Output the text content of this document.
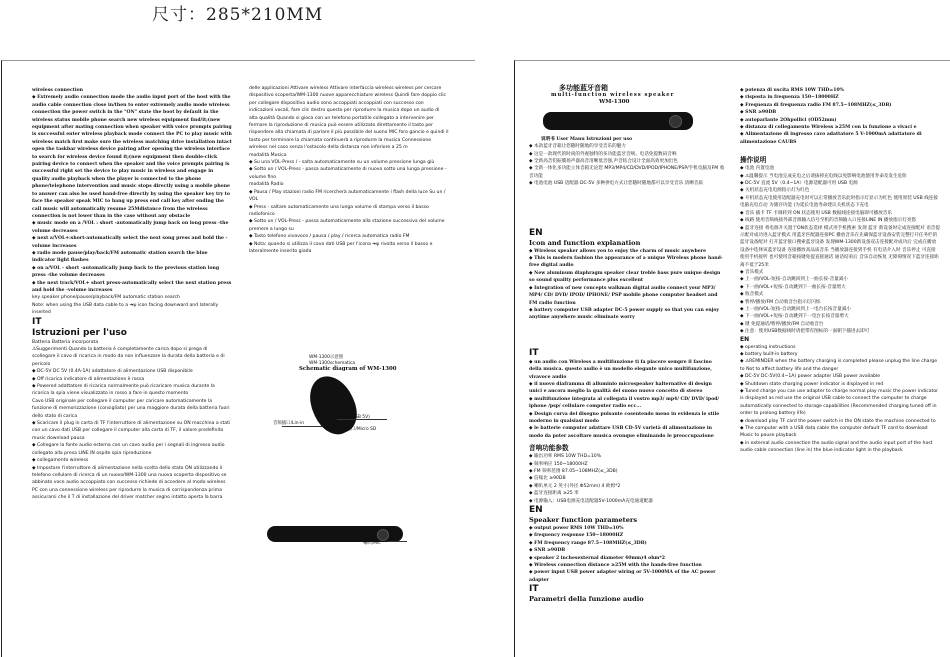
尺寸：285*210MM

wireless connection

◆ Extremely audio connection mode the audio input port of the host with the audio cable connection close in/then to enter extremely audio mode wireless connection the power switch in the "ON" state the boot by default in the wireless status mobile phone search new wireless equipment find/it;(new equipment after mating connection when speaker with voice prompts pairing is successful enter wireless playback mode connect the PC to play music with wireless match first make sure the wireless matching drive installation intact open the taskbar wireless device pairing after opening the wireless interface to search for wireless device found it;(new equipment then double-click pairing device to connect when the speaker and the voice prompts pairing is successful right set the device to play music in wireless and engage in quality audio playback when the player is connected to the phone phone/telephone intervention and music stops directly using a mobile phone to answer can also be used hand-free directly by using the speaker key try to face the speaker speak MIC to hang up press end call key after ending the call music will automatically resume 25Mdistance from the wireless connection is not lower than in the case without any obstacle

◆ music mode on a /VOL : short -automatically jump back on long press -the volume decreases

◆ next a/VOL+:short-automatically select the next song press and hold the -volume increases

◆ radio mode pause/play/back/FM automatic station search the blue indicator light flashes

◆ on a/VOL - short -automatically jump back to the previous station long press -the volume decreases

◆ the next track/VOL+ short press-automatically select the next station press and hold the -volume increases

key speaker phone/pause/playback/FM automatic station search

Note: when using the USB data cable to a ➔ψ icon facing downward and laterally inserted

IT

Istruzioni per l'uso

Batteria Batteria incorporata

⚠Suggerimenti Quando la batteria è completamente carica dopo si prega di scollegare il cavo di ricarica in modo da non influenzare la durata della batteria e di pericolo

◆ DC-5V DC 5V (0.4A-1A) adattatore di alimentazione USB disponibile

◆ Off ricarica indicatore di alimentazione è rossa

◆ Powered adattatore di ricarica normalmente può ricaricare musica durante la ricarica la spia viene visualizzato in rosso a fare in questo momento

Cavo USB originale per collegare il computer per caricare automaticamente la funzione di memorizzazione (consigliato) per una maggiore durata della batteria fuori dello stato di carica

◆ Scaricare il plug in carta di TF l'interruttore di alimentazione su ON macchina a stati con un cavo dati USB per collegare il computer alla carta di TF, il valore predefinito music download pausa

◆ Collegare la fonte audio esterna con un cavo audio per i segnali di ingresso audio collegato alla presa LINE IN ospite spia riproduzione

◆ collegamento wireless

◆ Impostare l'interruttore di alimentazione nella scelta dello stato ON utilizzando il telefono cellulare di ricerca di un nuovo/WM-1300 una nuova scoperta dispositivo se abbinato voce audio accoppiato con successo richiede di accedere al modo wireless PC con una connessione wireless per riprodurre la musica di corrispondenza prima assicurarsi che il T di installazione del driver matcher segno intatto aperta la barra

delle applicazioni Attivare wireless Attivare interfaccia wireless wireless per cercare dispositivo scoperta/WM-1300 nuove apparecchiature wireless Quindi fare doppio clic per collegare dispositivo audio sono accoppiati accoppiati con successo con indicazioni vocali, fare clic destro questo per riprodurre la musica dopo un audio di alta qualità Quando si gioca con un telefono portatile collegato a intervenire per fermare la riproduzione di musica può essere utilizzato direttamente il tasto per rispondere alla chiamata di parlare il più possibile del suono MIC foro gancio e quindi il tasto per terminare la chiamata continuerà a riprodurre la musica Connessione wireless nel caso senza l'ostacolo della distanza non inferiore a 25 m

modalità Musica

◆ Su una VOL-Press / - salta automaticamente su un volume pressione lunga giù

◆ Sotto un / VOL-Press - passa automaticamente di nuovo sotto una lunga pressione - volume fino

modalità Radio

◆ Pausa / Play stazioni radio FM ricercherà automaticamente i flash della luce Su un / VOL

◆ Press - saltare automaticamente una lunga volume di stampa verso il basso radiofonico

◆ Sotto un / VOL-Press - passa automaticamente alla stazione successiva del volume premere a lungo su

◆ Tasto telefono vivavoce / pausa / play / ricerca automatica radio FM

◆ Nota: quando si utilizza il cavo dati USB per l'icona ➔ψ rivolta verso il basso e lateralmente inserito giada

WM-1300示意图
WM-1300schematica
Schematic diagram of WM-1300
音频插口/Lin-in
USB接口 (USB 5V)
USB
TF卡接口/Micro SD
喇叭/Mic

多功能蓝牙音箱

multi-function wireless speaker

WM-1300

说明书 User Manu Istruzioni per uso

◆ 本款蓝牙音箱让您随时随地的享受音乐的魅力

◆ 这是一款现代的时尚的外观独特的多功能蓝牙音响。电话免提数码音响

◆ 全新高音铝振膜扬声器高音清晰低音强,声音结合设计全面高效更加出色

◆ 全新一体化多功能立体音箱无论您 MP3/MP4/CD/DVD/IPOD/IPHONE/PSP/手机电脑及FM 收音功能

◆ 电池电池 USB 适配器 DC-5V 多种供电方式让您随时随地都可以享受音乐 清晰音质

EN

Icon and function explanation

◆ Wireless speaker allows you to enjoy the charm of music anywhere

◆ This is modern fashion the appearance of a unique Wireless phone hand-free digital audio

◆ New aluminum diaphragm speaker clear treble bass pure unique design so sound quality performance plus excellent

◆ Integration of new concepts walkman digital audio connect your MP3/ MP4/ CD/ DVD/ IPOD/ IPHONE/ PSP mobile phone computer headset and FM radio function

◆ battery computer USB adapter DC-5 power supply so that you can enjoy anytime anywhere music eliminate worry

IT

◆ un audio con Wireless a multifunzione ti fa piacere sempre il fascino della musica. questo audio è un modello elegante unico multifunzione, vivavoce audio

◆ il nuovo diaframma di alluminio microspeaker halternative di design unici e ancora meglio la qualità del suono nuovo concetto di stereo

◆ multifunzione integrata al collegata il vostro mp3/ mp4/ CD/ DVD/ ipod/ iphone /psp/ cellulare computer radio ecc...

◆ Design curva del disegno pulsante cosentendo meno in evidenza le stile moderno in qualsiasi modo

◆ le batterie computer adattare USB CD-5V varietà di alimentazione in modo da poter ascoltare musica ovunque eliminando le preoccupazione

音响功能参数

◆ 输出功率 RMS 10W THD=10%

◆ 频率响应 150~18000HZ

◆ FM 频率范围 87.05~108MHZ(≤_3DB)

◆ 信噪比 ≥90DB

◆ 喇叭单元 2 英寸(外径 Φ52mm) 4 欧姆*2

◆ 蓝牙连接距离 ≥25 米

◆ 电源输入：USB电源充电适配器5V-1000mA充电通道配器

EN

Speaker function parameters

◆ output power RMS 10W THD=10%

◆ frequency response 150~18000HZ

◆ FM frequency range 87.5~108MHZ(≤_3DB)

◆ SNR ≥90DB

◆ speaker 2 inchesexternal diameter 40mm)4 ohm*2

◆ Wireless connection distance ≥25M with the hands-free function

◆ power input USB power adapter wiring or 5V-1000MA of the AC power adapter

IT

Parametri della funzione audio

◆ potenza di uscita RMS 10W THD=10%

◆ risposta in frequenza 150~18000HZ

◆ Frequenza di frequenza radio FM 87.5~108MHZ(≤_3DB)

◆ SNR ≥90DB

◆ autoparlante 2Ohpollici (OD52mm)

◆ distanza di collegamento Wireless ≥25M con la funzione a vivaci e

◆ Alimentazione di ingresso cavo adattatore 5 V-1000mA adattatore di alimentazione CAUBS

操作说明

◆ 电池 内置电池

◆ ⚠温馨提示 当电池完成充电之后请拔掉充电线以免影响电池使用寿命及发生危险

◆ DC-5V 直流 5V（0.4~1A）电源适配器可用 USB 电源

◆ 关机状态充电电源指示灯为红色

◆ 开机状态充电使用适配器充电时可以正常播放音乐此时指示灯显示为红色 使用原装 USB 线连接电脑充电自动 为储存功能 (为延长电池寿命建议关机状态下充电

◆ 音乐 插卡 TF 卡调转到 ON 状态使用 USB 数据线连接电脑即可播放音乐

◆ 线路 使用音频线接外部音源输入信号至机的音频输入口连接LINE IN 播放指示灯亮悠

◆ 蓝牙连接 将电源开关置于ON状态选择 模式用手机搜索 发现 蓝牙 新设备时完成连接配对 语音提示配对成功进入蓝牙模式 用蓝牙匹配器连接PC 播放音乐在先确保蓝牙设备安装完整打开任务栏的蓝牙设备配对 打开蓝牙接口搜索蓝牙设备 发现WM-1300新设备双击连接配对成功后 完成在播放设备中选择该蓝牙设备 连接播放高品质音乐 当播放器连接到手机 有电话介入时 音乐停止 可直接使用手机接听 也可使用音箱按键免提直接通话 通话结束后 音乐自动恢复 无障碍情况下蓝牙连接距离不低于25米

◆ 音乐模式

◆ 上一曲/VOL-短按-自动跳回到上一曲长按-音量减小

◆ 下一曲/VOL+短按-自动跳到下一曲长按-音量增大

◆ 收音模式

◆ 暂停/播放/FM 自动收音台指示灯闪烁

◆ 上一曲/VOL-短按-自动跳回到上一电台长按音量减小

◆ 下一曲/VOL+短按-自动跳到下一电台长按音量增大

◆ 键 免提通话/暂停/播放/FM 自动收音台

◆ 注意：使用USB数据线时请把带有图标的一面朝下插进去即可

EN

◆ operating instructions

◆ battery built-in battery

◆ ⚠REMINDER when the battery charging is completed please unplug the line charge to Not to affect battery life and the danger

◆ DC-5V DC-5V(0.4~1A) power adapter USB power available

◆ Shutdown state charging power indicator is displayed in red

◆ Tuned charge you can use adapter to charge normal play music the power indicator is displayed as red use the original USB cable to connect the computer to charge automatically connected to storage capabilities (Recommended charging tuned off in order to prolong battery life)

◆ download play TF card the power switch in the ON state the machine connected to

◆ The computer with a USB data cable the computer default TF card to download Music to pause playback

◆ in external audio connection the audio signal and the audio input port of the host audio cable connection (line in) the blue indicator light in the playback
